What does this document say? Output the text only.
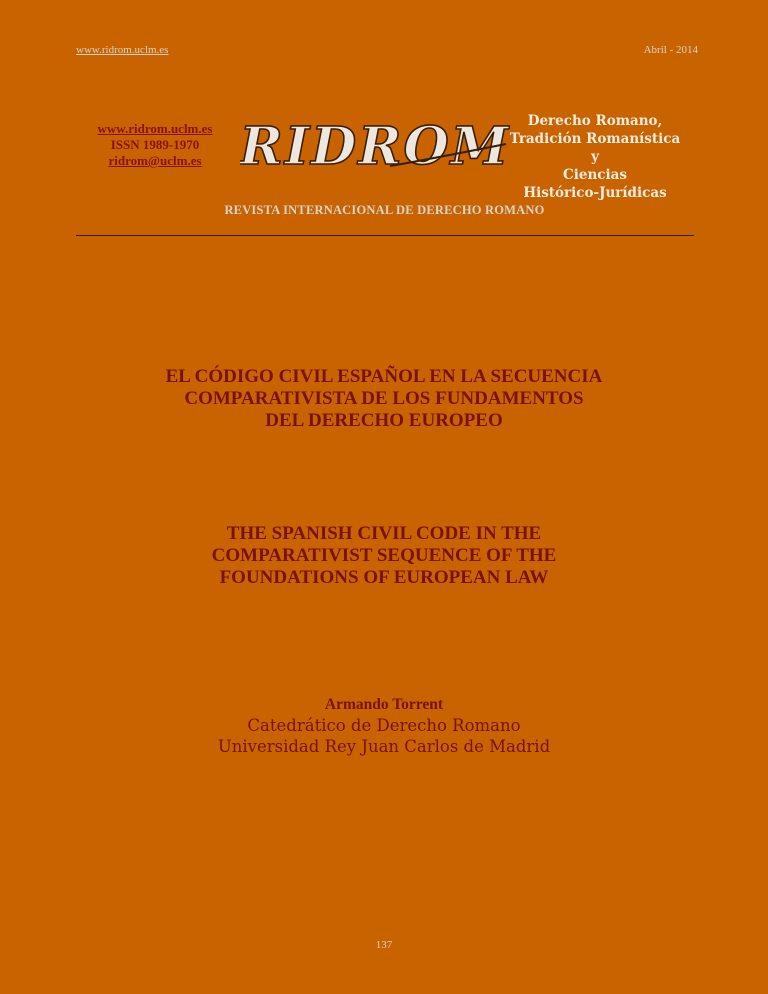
www.ridrom.uclm.es	Abril - 2014
www.ridrom.uclm.es
ISSN 1989-1970
ridrom@uclm.es RIDROM	Derecho Romano,
Tradición Romanística y
Ciencias
Histórico-Jurídicas
REVISTA INTERNACIONAL DE DERECHO ROMANO
EL CÓDIGO CIVIL ESPAÑOL EN LA SECUENCIA
COMPARATIVISTA DE LOS FUNDAMENTOS
DEL DERECHO EUROPEO
THE SPANISH CIVIL CODE IN THE
COMPARATIVIST SEQUENCE OF THE
FOUNDATIONS OF EUROPEAN LAW
Armando Torrent
Catedrático de Derecho Romano
Universidad Rey Juan Carlos de Madrid
137
